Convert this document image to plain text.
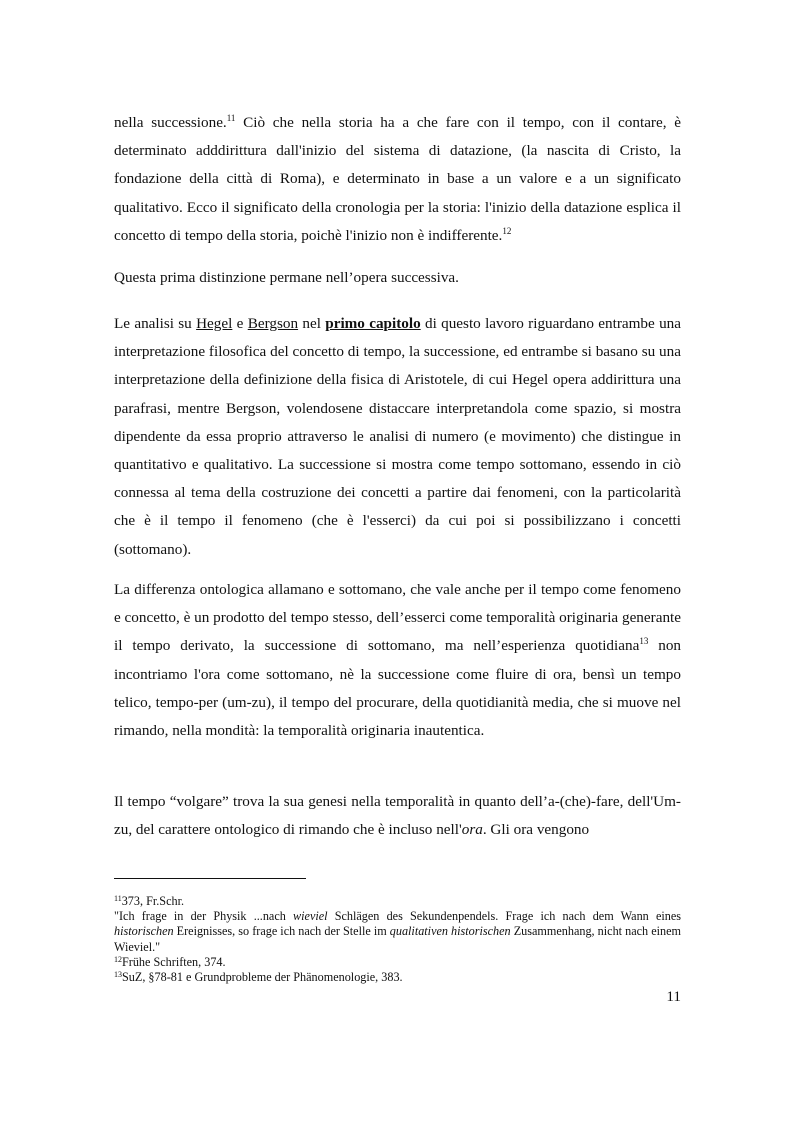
nella successione.$^{11}$ Ciò che nella storia ha a che fare con il tempo, con il contare, è determinato adddirittura dall'inizio del sistema di datazione, (la nascita di Cristo, la fondazione della città di Roma), e determinato in base a un valore e a un significato qualitativo. Ecco il significato della cronologia per la storia: l'inizio della datazione esplica il concetto di tempo della storia, poichè l'inizio non è indifferente.$^{12}$

Questa prima distinzione permane nell’opera successiva.

Le analisi su Hegel e Bergson nel primo capitolo di questo lavoro riguardano entrambe una interpretazione filosofica del concetto di tempo, la successione, ed entrambe si basano su una interpretazione della definizione della fisica di Aristotele, di cui Hegel opera addirittura una parafrasi, mentre Bergson, volendosene distaccare interpretandola come spazio, si mostra dipendente da essa proprio attraverso le analisi di numero (e movimento) che distingue in quantitativo e qualitativo. La successione si mostra come tempo sottomano, essendo in ciò connessa al tema della costruzione dei concetti a partire dai fenomeni, con la particolarità che è il tempo il fenomeno (che è l'esserci) da cui poi si possibilizzano i concetti (sottomano).

La differenza ontologica allamano e sottomano, che vale anche per il tempo come fenomeno e concetto, è un prodotto del tempo stesso, dell’esserci come temporalità originaria generante il tempo derivato, la successione di sottomano, ma nell’esperienza quotidiana$^{13}$ non incontriamo l'ora come sottomano, nè la successione come fluire di ora, bensì un tempo telico, tempo-per (um-zu), il tempo del procurare, della quotidianità media, che si muove nel rimando, nella mondità: la temporalità originaria inautentica.

Il tempo “volgare” trova la sua genesi nella temporalità in quanto dell’a-(che)-fare, dell'Um-zu, del carattere ontologico di rimando che è incluso nell'ora. Gli ora vengono

$^{11}$373, Fr.Schr.
"Ich frage in der Physik ...nach wieviel Schlägen des Sekundenpendels. Frage ich nach dem Wann eines historischen Ereignisses, so frage ich nach der Stelle im qualitativen historischen Zusammenhang, nicht nach einem Wieviel."
$^{12}$Frühe Schriften, 374.
$^{13}$SuZ, §78-81 e Grundprobleme der Phänomenologie, 383.
11
